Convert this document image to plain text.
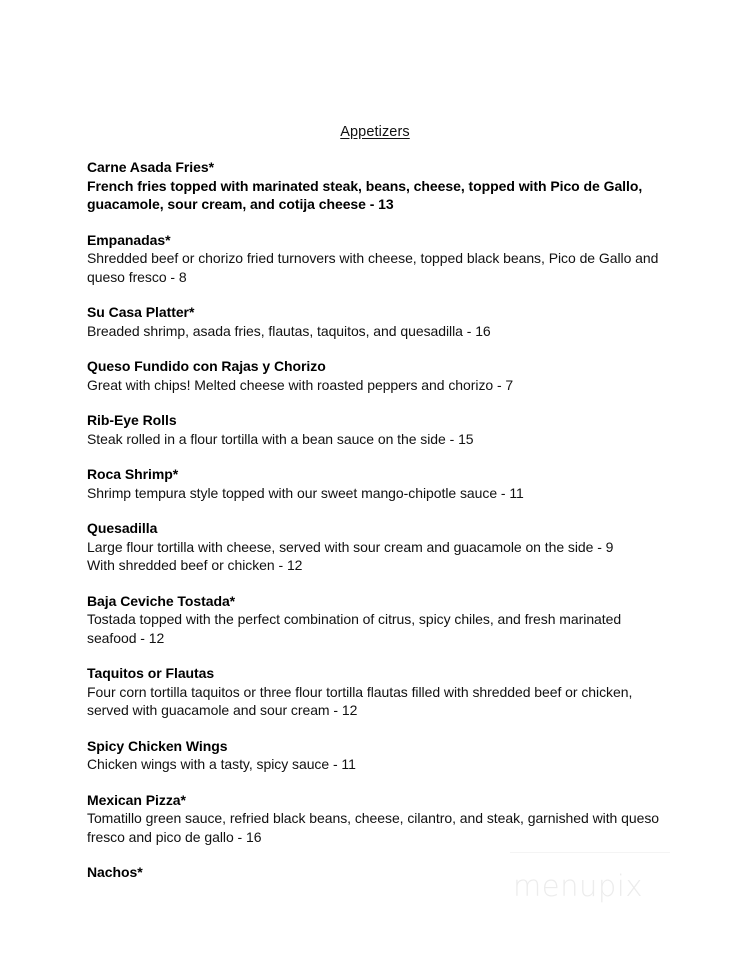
Appetizers
Carne Asada Fries*
French fries topped with marinated steak, beans, cheese, topped with Pico de Gallo, guacamole, sour cream, and cotija cheese - 13
Empanadas*
Shredded beef or chorizo fried turnovers with cheese, topped black beans, Pico de Gallo and queso fresco - 8
Su Casa Platter*
Breaded shrimp, asada fries, flautas, taquitos, and quesadilla - 16
Queso Fundido con Rajas y Chorizo
Great with chips! Melted cheese with roasted peppers and chorizo - 7
Rib-Eye Rolls
Steak rolled in a flour tortilla with a bean sauce on the side - 15
Roca Shrimp*
Shrimp tempura style topped with our sweet mango-chipotle sauce - 11
Quesadilla
Large flour tortilla with cheese, served with sour cream and guacamole on the side - 9
With shredded beef or chicken - 12
Baja Ceviche Tostada*
Tostada topped with the perfect combination of citrus, spicy chiles, and fresh marinated seafood - 12
Taquitos or Flautas
Four corn tortilla taquitos or three flour tortilla flautas filled with shredded beef or chicken, served with guacamole and sour cream - 12
Spicy Chicken Wings
Chicken wings with a tasty, spicy sauce - 11
Mexican Pizza*
Tomatillo green sauce, refried black beans, cheese, cilantro, and steak, garnished with queso fresco and pico de gallo - 16
Nachos*	menupix
